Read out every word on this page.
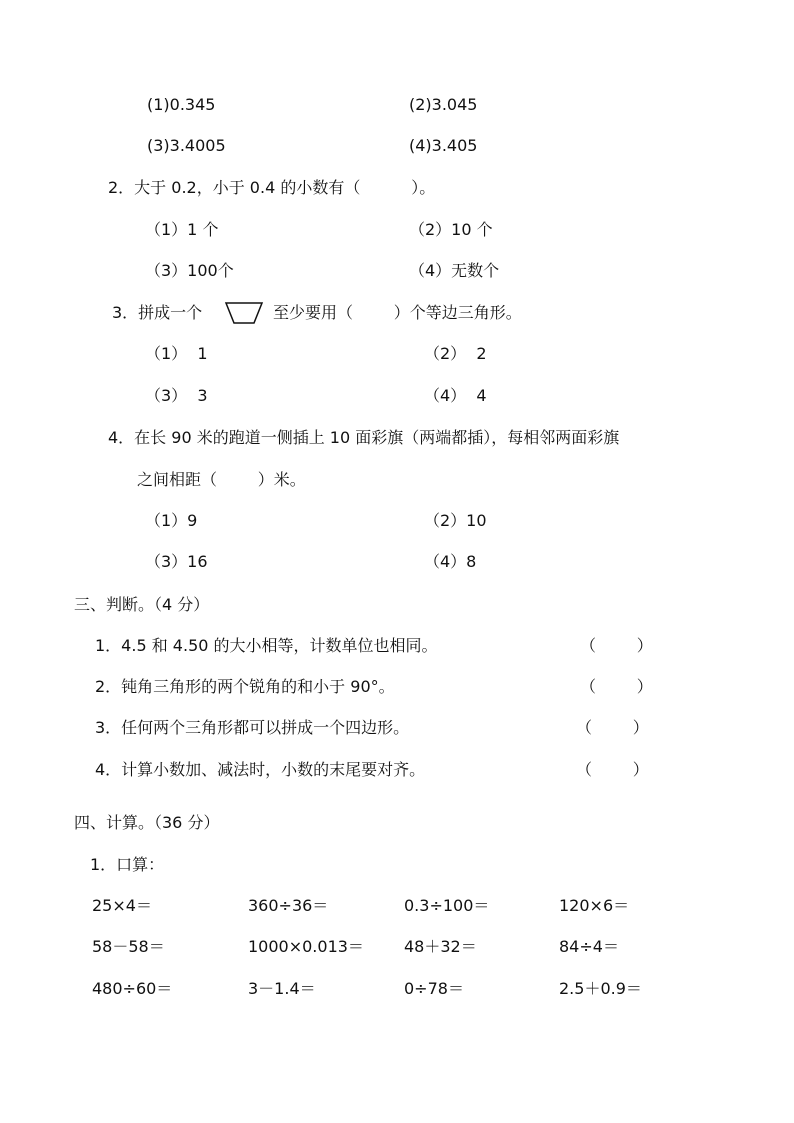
(1)0.345	(2)3.045
(3)3.4005	(4)3.405
2．大于 0.2，小于 0.4 的小数有（          ）。
（1）1 个	（2）10 个
（3）100个	（4）无数个
3．拼成一个	至少要用（        ）个等边三角形。
（1）  1	（2）  2
（3）  3	（4）  4
4．在长 90 米的跑道一侧插上 10 面彩旗（两端都插），每相邻两面彩旗
之间相距（        ）米。
（1）9	（2）10
（3）16	（4）8
三、判断。（4 分）
1．4.5 和 4.50 的大小相等，计数单位也相同。	（        ）
2．钝角三角形的两个锐角的和小于 90°。	（        ）
3．任何两个三角形都可以拼成一个四边形。	（        ）
4．计算小数加、减法时，小数的末尾要对齐。	（        ）
四、计算。（36 分）
1．口算：
25×4＝	360÷36＝	0.3÷100＝	120×6＝
58－58＝	1000×0.013＝	48＋32＝	84÷4＝
480÷60＝	3－1.4＝	0÷78＝	2.5＋0.9＝
